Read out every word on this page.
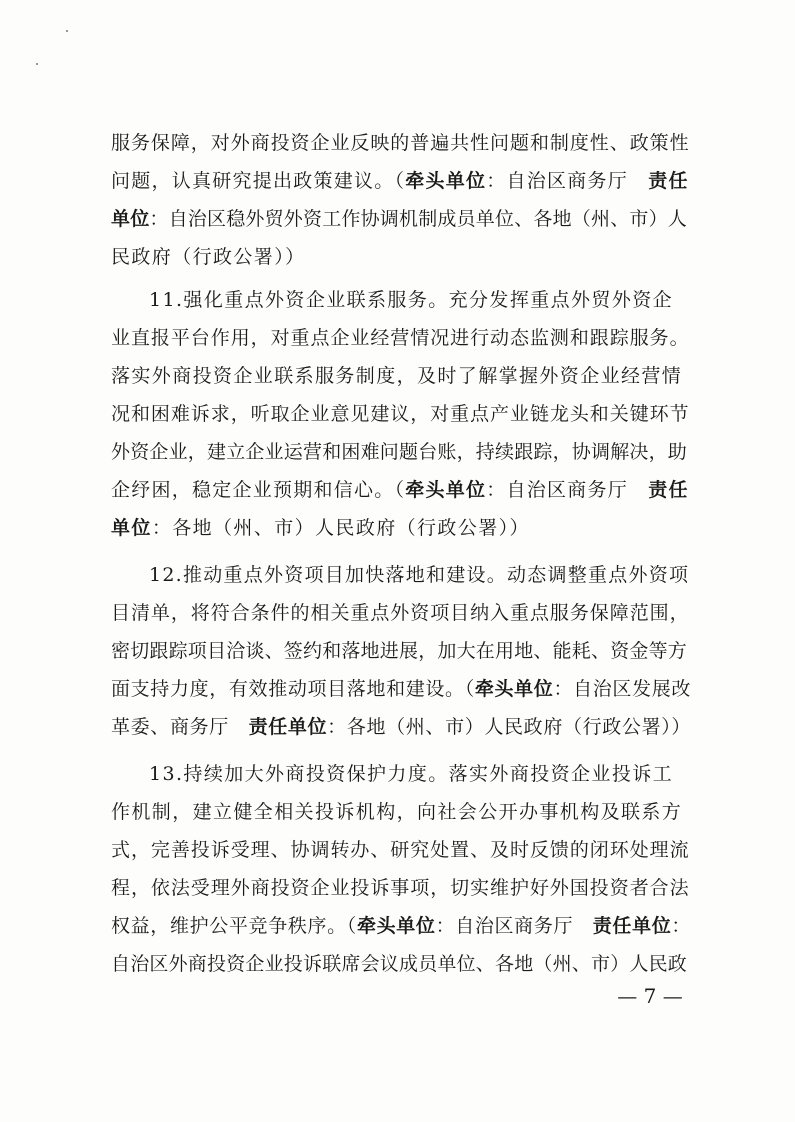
服务保障，对外商投资企业反映的普遍共性问题和制度性、政策性
问题，认真研究提出政策建议。（牵头单位：自治区商务厅　责任
单位：自治区稳外贸外资工作协调机制成员单位、各地（州、市）人
民政府（行政公署））
11.强化重点外资企业联系服务。充分发挥重点外贸外资企
业直报平台作用，对重点企业经营情况进行动态监测和跟踪服务。
落实外商投资企业联系服务制度，及时了解掌握外资企业经营情
况和困难诉求，听取企业意见建议，对重点产业链龙头和关键环节
外资企业，建立企业运营和困难问题台账，持续跟踪，协调解决，助
企纾困，稳定企业预期和信心。（牵头单位：自治区商务厅　责任
单位：各地（州、市）人民政府（行政公署））
12.推动重点外资项目加快落地和建设。动态调整重点外资项
目清单，将符合条件的相关重点外资项目纳入重点服务保障范围，
密切跟踪项目洽谈、签约和落地进展，加大在用地、能耗、资金等方
面支持力度，有效推动项目落地和建设。（牵头单位：自治区发展改
革委、商务厅　责任单位：各地（州、市）人民政府（行政公署））
13.持续加大外商投资保护力度。落实外商投资企业投诉工
作机制，建立健全相关投诉机构，向社会公开办事机构及联系方
式，完善投诉受理、协调转办、研究处置、及时反馈的闭环处理流
程，依法受理外商投资企业投诉事项，切实维护好外国投资者合法
权益，维护公平竞争秩序。（牵头单位：自治区商务厅　责任单位：
自治区外商投资企业投诉联席会议成员单位、各地（州、市）人民政
— 7 —
